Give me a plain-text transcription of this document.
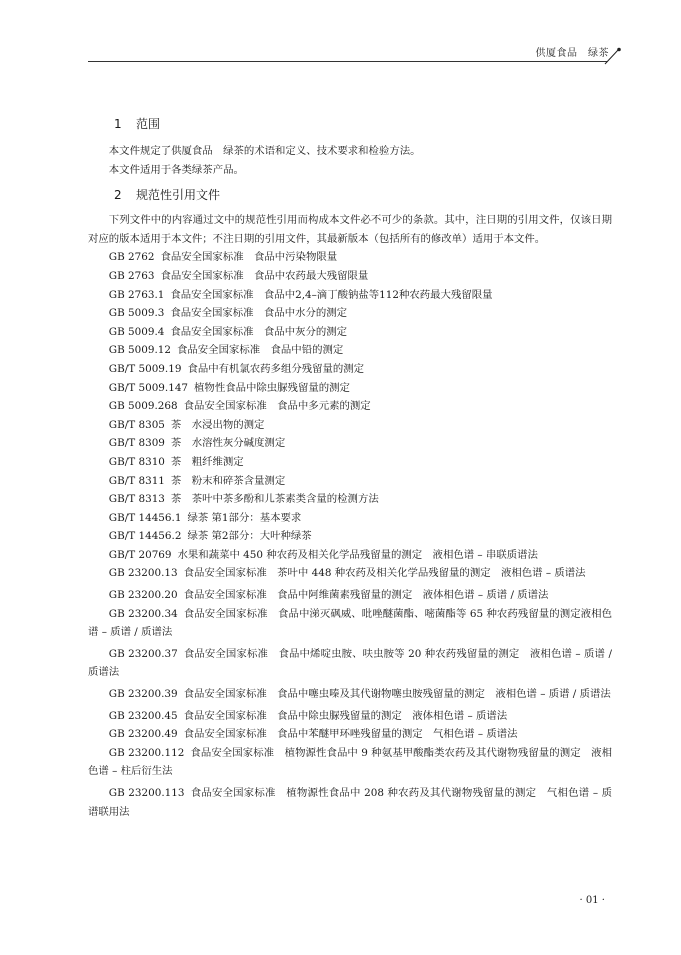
供厦食品　绿茶
1 范围

本文件规定了供厦食品　绿茶的术语和定义、技术要求和检验方法。

本文件适用于各类绿茶产品。

2 规范性引用文件

下列文件中的内容通过文中的规范性引用而构成本文件必不可少的条款。其中，注日期的引用文件，仅该日期对应的版本适用于本文件；不注日期的引用文件，其最新版本（包括所有的修改单）适用于本文件。

GB 2762 食品安全国家标准　食品中污染物限量
GB 2763 食品安全国家标准　食品中农药最大残留限量
GB 2763.1 食品安全国家标准　食品中2,4–滴丁酸钠盐等112种农药最大残留限量
GB 5009.3 食品安全国家标准　食品中水分的测定
GB 5009.4 食品安全国家标准　食品中灰分的测定
GB 5009.12 食品安全国家标准　食品中铅的测定
GB/T 5009.19 食品中有机氯农药多组分残留量的测定
GB/T 5009.147 植物性食品中除虫脲残留量的测定
GB 5009.268 食品安全国家标准　食品中多元素的测定
GB/T 8305 茶　水浸出物的测定
GB/T 8309 茶　水溶性灰分碱度测定
GB/T 8310 茶　粗纤维测定
GB/T 8311 茶　粉末和碎茶含量测定
GB/T 8313 茶　茶叶中茶多酚和儿茶素类含量的检测方法
GB/T 14456.1 绿茶 第1部分：基本要求
GB/T 14456.2 绿茶 第2部分：大叶种绿茶
GB/T 20769 水果和蔬菜中 450 种农药及相关化学品残留量的测定　液相色谱 – 串联质谱法
GB 23200.13 食品安全国家标准　茶叶中 448 种农药及相关化学品残留量的测定　液相色谱 – 质谱法
GB 23200.20 食品安全国家标准　食品中阿维菌素残留量的测定　液体相色谱 – 质谱 / 质谱法
GB 23200.34 食品安全国家标准　食品中涕灭砜威、吡唑醚菌酯、嘧菌酯等 65 种农药残留量的测定液相色谱 – 质谱 / 质谱法
GB 23200.37 食品安全国家标准　食品中烯啶虫胺、呋虫胺等 20 种农药残留量的测定　液相色谱 – 质谱 / 质谱法
GB 23200.39 食品安全国家标准　食品中噻虫嗪及其代谢物噻虫胺残留量的测定　液相色谱 – 质谱 / 质谱法
GB 23200.45 食品安全国家标准　食品中除虫脲残留量的测定　液体相色谱 – 质谱法
GB 23200.49 食品安全国家标准　食品中苯醚甲环唑残留量的测定　气相色谱 – 质谱法
GB 23200.112 食品安全国家标准　植物源性食品中 9 种氨基甲酸酯类农药及其代谢物残留量的测定　液相色谱 – 柱后衍生法
GB 23200.113 食品安全国家标准　植物源性食品中 208 种农药及其代谢物残留量的测定　气相色谱 – 质谱联用法
· 01 ·
